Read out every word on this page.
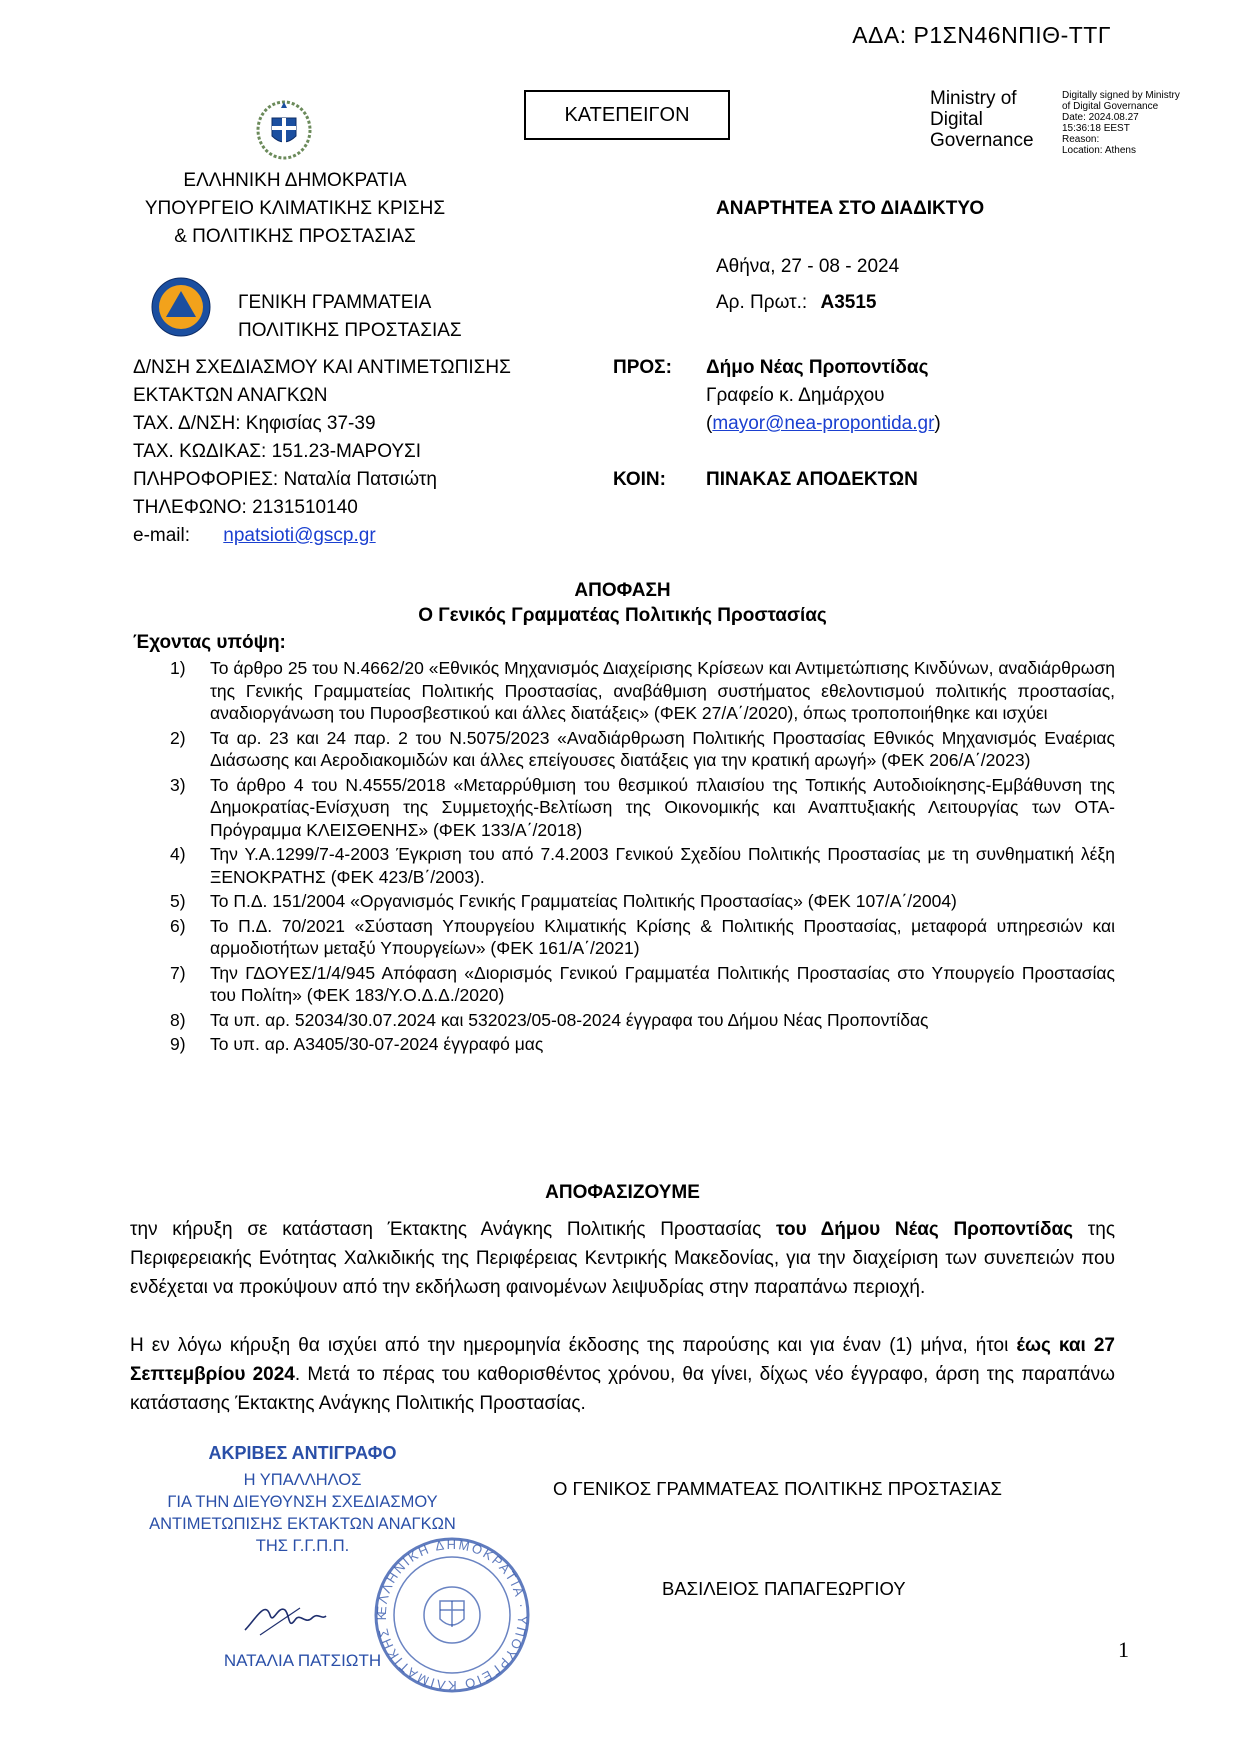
ΑΔΑ: Ρ1ΣΝ46ΝΠΙΘ-ΤΤΓ
ΚΑΤΕΠΕΙΓΟΝ
Ministry of
Digital
Governance
Digitally signed by Ministry
of Digital Governance
Date: 2024.08.27
15:36:18 EEST
Reason:
Location: Athens
ΕΛΛΗΝΙΚΗ ΔΗΜΟΚΡΑΤΙΑ
ΥΠΟΥΡΓΕΙΟ ΚΛΙΜΑΤΙΚΗΣ ΚΡΙΣΗΣ
& ΠΟΛΙΤΙΚΗΣ ΠΡΟΣΤΑΣΙΑΣ
ΑΝΑΡΤΗΤΕΑ ΣΤΟ ΔΙΑΔΙΚΤΥΟ
Αθήνα, 27 - 08 - 2024
Αρ. Πρωτ.: Α3515
ΓΕΝΙΚΗ ΓΡΑΜΜΑΤΕΙΑ
ΠΟΛΙΤΙΚΗΣ ΠΡΟΣΤΑΣΙΑΣ
Δ/ΝΣΗ ΣΧΕΔΙΑΣΜΟΥ ΚΑΙ ΑΝΤΙΜΕΤΩΠΙΣΗΣ
ΕΚΤΑΚΤΩΝ ΑΝΑΓΚΩΝ
ΤΑΧ. Δ/ΝΣΗ: Κηφισίας 37-39
ΤΑΧ. ΚΩΔΙΚΑΣ: 151.23-ΜΑΡΟΥΣΙ
ΠΛΗΡΟΦΟΡΙΕΣ: Ναταλία Πατσιώτη
ΤΗΛΕΦΩΝΟ: 2131510140
e-mail: npatsioti@gscp.gr
ΠΡΟΣ: Δήμο Νέας Προποντίδας
Γραφείο κ. Δημάρχου
(mayor@nea-propontida.gr)
ΚΟΙΝ: ΠΙΝΑΚΑΣ ΑΠΟΔΕΚΤΩΝ
ΑΠΟΦΑΣΗ
Ο Γενικός Γραμματέας Πολιτικής Προστασίας
Έχοντας υπόψη:
1) Το άρθρο 25 του Ν.4662/20 «Εθνικός Μηχανισμός Διαχείρισης Κρίσεων και Αντιμετώπισης Κινδύνων, αναδιάρθρωση της Γενικής Γραμματείας Πολιτικής Προστασίας, αναβάθμιση συστήματος εθελοντισμού πολιτικής προστασίας, αναδιοργάνωση του Πυροσβεστικού και άλλες διατάξεις» (ΦΕΚ 27/Α΄/2020), όπως τροποποιήθηκε και ισχύει
2) Τα αρ. 23 και 24 παρ. 2 του Ν.5075/2023 «Αναδιάρθρωση Πολιτικής Προστασίας Εθνικός Μηχανισμός Εναέριας Διάσωσης και Αεροδιακομιδών και άλλες επείγουσες διατάξεις για την κρατική αρωγή» (ΦΕΚ 206/Α΄/2023)
3) Το άρθρο 4 του Ν.4555/2018 «Μεταρρύθμιση του θεσμικού πλαισίου της Τοπικής Αυτοδιοίκησης-Εμβάθυνση της Δημοκρατίας-Ενίσχυση της Συμμετοχής-Βελτίωση της Οικονομικής και Αναπτυξιακής Λειτουργίας των ΟΤΑ-Πρόγραμμα ΚΛΕΙΣΘΕΝΗΣ» (ΦΕΚ 133/Α΄/2018)
4) Την Υ.Α.1299/7-4-2003 Έγκριση του από 7.4.2003 Γενικού Σχεδίου Πολιτικής Προστασίας με τη συνθηματική λέξη ΞΕΝΟΚΡΑΤΗΣ (ΦΕΚ 423/Β΄/2003).
5) Το Π.Δ. 151/2004 «Οργανισμός Γενικής Γραμματείας Πολιτικής Προστασίας» (ΦΕΚ 107/Α΄/2004)
6) Το Π.Δ. 70/2021 «Σύσταση Υπουργείου Κλιματικής Κρίσης & Πολιτικής Προστασίας, μεταφορά υπηρεσιών και αρμοδιοτήτων μεταξύ Υπουργείων» (ΦΕΚ 161/Α΄/2021)
7) Την ΓΔΟΥΕΣ/1/4/945 Απόφαση «Διορισμός Γενικού Γραμματέα Πολιτικής Προστασίας στο Υπουργείο Προστασίας του Πολίτη» (ΦΕΚ 183/Υ.Ο.Δ.Δ./2020)
8) Τα υπ. αρ. 52034/30.07.2024 και 532023/05-08-2024 έγγραφα του Δήμου Νέας Προποντίδας
9) Το υπ. αρ. Α3405/30-07-2024 έγγραφό μας
ΑΠΟΦΑΣΙΖΟΥΜΕ
την κήρυξη σε κατάσταση Έκτακτης Ανάγκης Πολιτικής Προστασίας του Δήμου Νέας Προποντίδας της Περιφερειακής Ενότητας Χαλκιδικής της Περιφέρειας Κεντρικής Μακεδονίας, για την διαχείριση των συνεπειών που ενδέχεται να προκύψουν από την εκδήλωση φαινομένων λειψυδρίας στην παραπάνω περιοχή.
Η εν λόγω κήρυξη θα ισχύει από την ημερομηνία έκδοσης της παρούσης και για έναν (1) μήνα, ήτοι έως και 27 Σεπτεμβρίου 2024. Μετά το πέρας του καθορισθέντος χρόνου, θα γίνει, δίχως νέο έγγραφο, άρση της παραπάνω κατάστασης Έκτακτης Ανάγκης Πολιτικής Προστασίας.
ΑΚΡΙΒΕΣ ΑΝΤΙΓΡΑΦΟ
Η ΥΠΑΛΛΗΛΟΣ
ΓΙΑ ΤΗΝ ΔΙΕΥΘΥΝΣΗ ΣΧΕΔΙΑΣΜΟΥ
ΑΝΤΙΜΕΤΩΠΙΣΗΣ ΕΚΤΑΚΤΩΝ ΑΝΑΓΚΩΝ
ΤΗΣ Γ.Γ.Π.Π.
ΝΑΤΑΛΙΑ ΠΑΤΣΙΩΤΗ
ΕΛΛΗΝΙΚΗ ΔΗΜΟΚΡΑΤΙΑ · ΥΠΟΥΡΓΕΙΟ ΚΛΙΜΑΤΙΚΗΣ Κ
Ο ΓΕΝΙΚΟΣ ΓΡΑΜΜΑΤΕΑΣ ΠΟΛΙΤΙΚΗΣ ΠΡΟΣΤΑΣΙΑΣ
ΒΑΣΙΛΕΙΟΣ ΠΑΠΑΓΕΩΡΓΙΟΥ
1
